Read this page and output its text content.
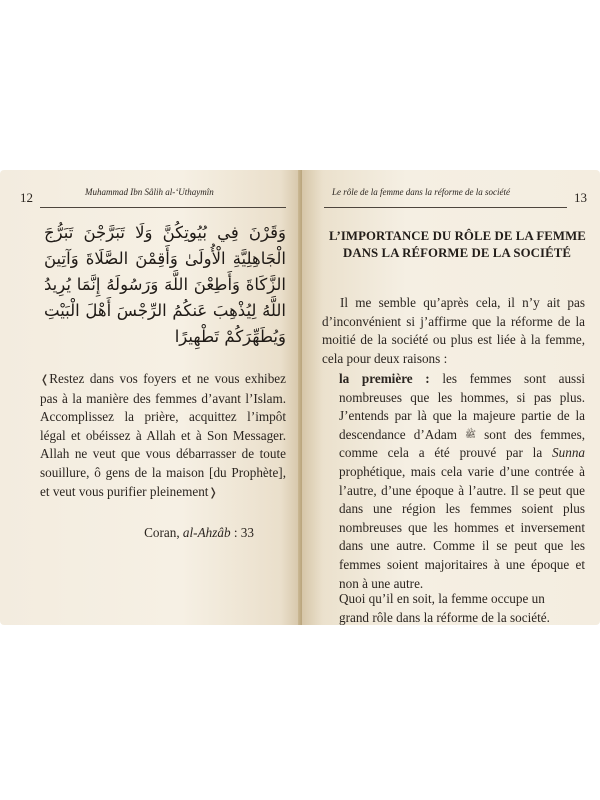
12	Muhammad Ibn Sâlih al-‘Uthaymîn
وَقَرْنَ فِي بُيُوتِكُنَّ وَلَا تَبَرَّجْنَ تَبَرُّجَ الْجَاهِلِيَّةِ الْأُولَىٰ وَأَقِمْنَ الصَّلَاةَ وَآتِينَ الزَّكَاةَ وَأَطِعْنَ اللَّهَ وَرَسُولَهُ إِنَّمَا يُرِيدُ اللَّهُ لِيُذْهِبَ عَنكُمُ الرِّجْسَ أَهْلَ الْبَيْتِ وَيُطَهِّرَكُمْ تَطْهِيرًا
❬Restez dans vos foyers et ne vous exhibez pas à la manière des femmes d’avant l’Islam. Accomplissez la prière, acquittez l’impôt légal et obéissez à Allah et à Son Messager. Allah ne veut que vous débarrasser de toute souillure, ô gens de la maison [du Prophète], et veut vous purifier pleinement❭
Coran, al-Ahzâb : 33
Le rôle de la femme dans la réforme de la société	13
L’IMPORTANCE DU RÔLE DE LA FEMME
DANS LA RÉFORME DE LA SOCIÉTÉ
Il me semble qu’après cela, il n’y ait pas d’inconvénient si j’affirme que la réforme de la moitié de la société ou plus est liée à la femme, cela pour deux raisons :
la première : les femmes sont aussi nombreuses que les hommes, si pas plus. J’entends par là que la majeure partie de la descendance d’Adam ﷺ sont des femmes, comme cela a été prouvé par la Sunna prophétique, mais cela varie d’une contrée à l’autre, d’une époque à l’autre. Il se peut que dans une région les femmes soient plus nombreuses que les hommes et inversement dans une autre. Comme il se peut que les femmes soient majoritaires à une époque et non à une autre.
Quoi qu’il en soit, la femme occupe un
grand rôle dans la réforme de la société.
